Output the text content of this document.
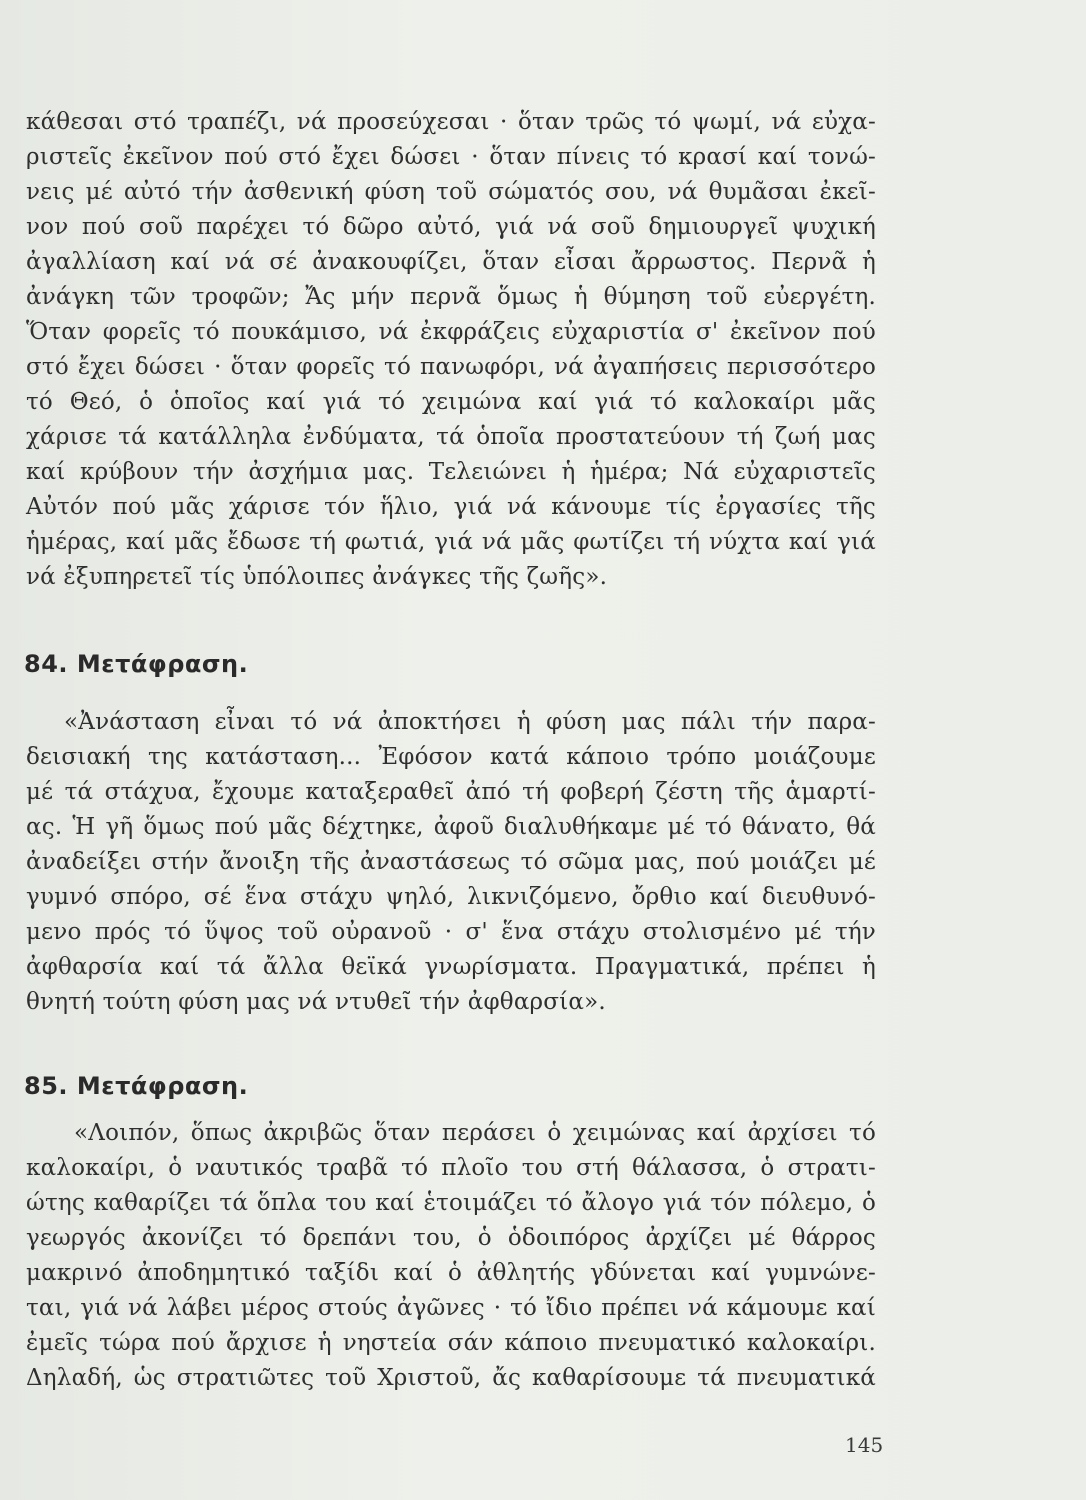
κάθεσαι στό τραπέζι, νά προσεύχεσαι · ὅταν τρῶς τό ψωμί, νά εὐχα-
ριστεῖς ἐκεῖνον πού στό ἔχει δώσει · ὅταν πίνεις τό κρασί καί τονώ-
νεις μέ αὐτό τήν ἀσθενική φύση τοῦ σώματός σου, νά θυμᾶσαι ἐκεῖ-
νον πού σοῦ παρέχει τό δῶρο αὐτό, γιά νά σοῦ δημιουργεῖ ψυχική
ἀγαλλίαση καί νά σέ ἀνακουφίζει, ὅταν εἶσαι ἄρρωστος. Περνᾶ ἡ
ἀνάγκη τῶν τροφῶν; Ἄς μήν περνᾶ ὅμως ἡ θύμηση τοῦ εὐεργέτη.
Ὅταν φορεῖς τό πουκάμισο, νά ἐκφράζεις εὐχαριστία σ' ἐκεῖνον πού
στό ἔχει δώσει · ὅταν φορεῖς τό πανωφόρι, νά ἀγαπήσεις περισσότερο
τό Θεό, ὁ ὁποῖος καί γιά τό χειμώνα καί γιά τό καλοκαίρι μᾶς
χάρισε τά κατάλληλα ἐνδύματα, τά ὁποῖα προστατεύουν τή ζωή μας
καί κρύβουν τήν ἀσχήμια μας. Τελειώνει ἡ ἡμέρα; Νά εὐχαριστεῖς
Αὐτόν πού μᾶς χάρισε τόν ἥλιο, γιά νά κάνουμε τίς ἐργασίες τῆς
ἡμέρας, καί μᾶς ἔδωσε τή φωτιά, γιά νά μᾶς φωτίζει τή νύχτα καί γιά
νά ἐξυπηρετεῖ τίς ὑπόλοιπες ἀνάγκες τῆς ζωῆς».
84. Μετάφραση.
«Ἀνάσταση εἶναι τό νά ἀποκτήσει ἡ φύση μας πάλι τήν παρα-
δεισιακή της κατάσταση... Ἐφόσον κατά κάποιο τρόπο μοιάζουμε
μέ τά στάχυα, ἔχουμε καταξεραθεῖ ἀπό τή φοβερή ζέστη τῆς ἁμαρτί-
ας. Ἡ γῆ ὅμως πού μᾶς δέχτηκε, ἀφοῦ διαλυθήκαμε μέ τό θάνατο, θά
ἀναδείξει στήν ἄνοιξη τῆς ἀναστάσεως τό σῶμα μας, πού μοιάζει μέ
γυμνό σπόρο, σέ ἕνα στάχυ ψηλό, λικνιζόμενο, ὄρθιο καί διευθυνό-
μενο πρός τό ὕψος τοῦ οὐρανοῦ · σ' ἕνα στάχυ στολισμένο μέ τήν
ἀφθαρσία καί τά ἄλλα θεϊκά γνωρίσματα. Πραγματικά, πρέπει ἡ
θνητή τούτη φύση μας νά ντυθεῖ τήν ἀφθαρσία».
85. Μετάφραση.
«Λοιπόν, ὅπως ἀκριβῶς ὅταν περάσει ὁ χειμώνας καί ἀρχίσει τό
καλοκαίρι, ὁ ναυτικός τραβᾶ τό πλοῖο του στή θάλασσα, ὁ στρατι-
ώτης καθαρίζει τά ὅπλα του καί ἑτοιμάζει τό ἄλογο γιά τόν πόλεμο, ὁ
γεωργός ἀκονίζει τό δρεπάνι του, ὁ ὁδοιπόρος ἀρχίζει μέ θάρρος
μακρινό ἀποδημητικό ταξίδι καί ὁ ἀθλητής γδύνεται καί γυμνώνε-
ται, γιά νά λάβει μέρος στούς ἀγῶνες · τό ἴδιο πρέπει νά κάμουμε καί
ἐμεῖς τώρα πού ἄρχισε ἡ νηστεία σάν κάποιο πνευματικό καλοκαίρι.
Δηλαδή, ὡς στρατιῶτες τοῦ Χριστοῦ, ἄς καθαρίσουμε τά πνευματικά
145
